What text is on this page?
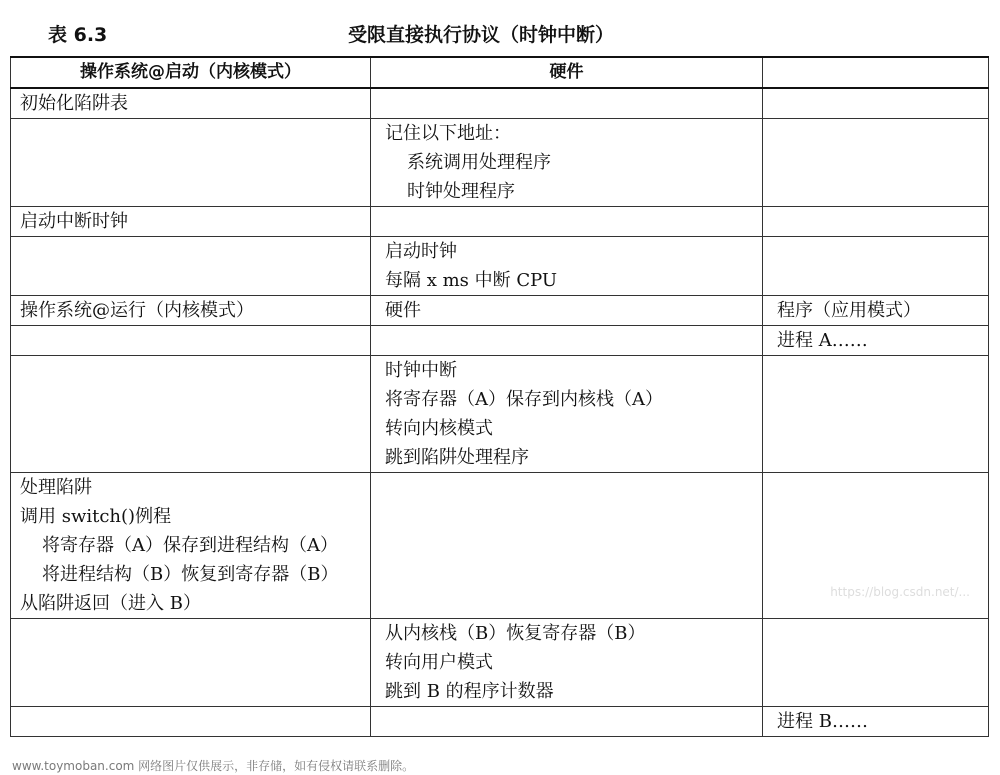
表 6.3	受限直接执行协议（时钟中断）
操作系统@启动（内核模式）	硬件	

初始化陷阱表		

	记住以下地址：
系统调用处理程序
时钟处理程序	

启动中断时钟		

	启动时钟
每隔 x ms 中断 CPU	

操作系统@运行（内核模式）	硬件	程序（应用模式）

		进程 A……

	时钟中断
将寄存器（A）保存到内核栈（A）
转向内核模式
跳到陷阱处理程序	

处理陷阱
调用 switch()例程
将寄存器（A）保存到进程结构（A）
将进程结构（B）恢复到寄存器（B）
从陷阱返回（进入 B）		

	从内核栈（B）恢复寄存器（B）
转向用户模式
跳到 B 的程序计数器	

		进程 B……
https://blog.csdn.net/...
www.toymoban.com 网络图片仅供展示，非存储，如有侵权请联系删除。
